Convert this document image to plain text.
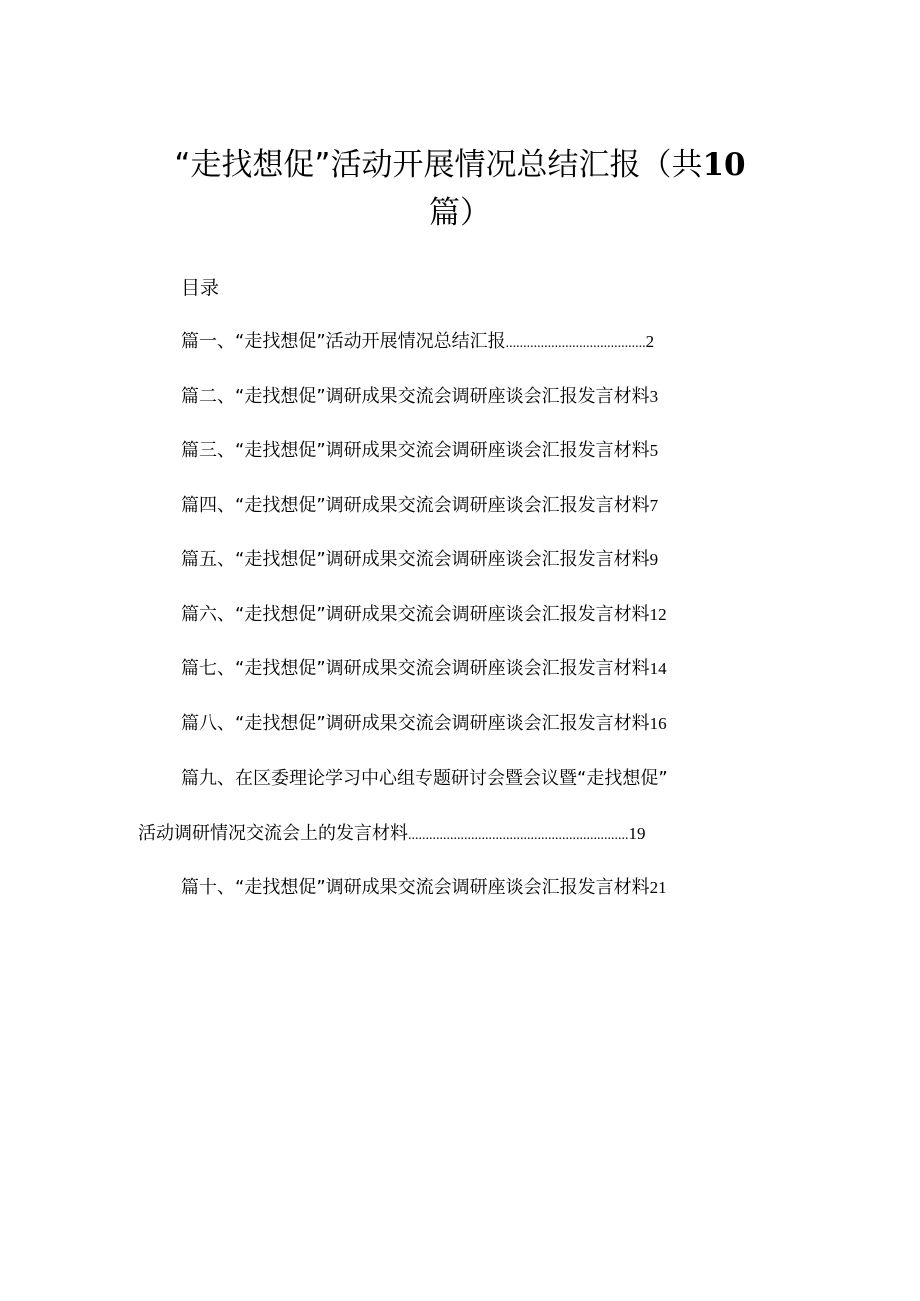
“走找想促”活动开展情况总结汇报（共10
篇）
目录
篇一、“走找想促”活动开展情况总结汇报 ........................................ 2
篇二、“走找想促”调研成果交流会调研座谈会汇报发言材料 3
篇三、“走找想促”调研成果交流会调研座谈会汇报发言材料 5
篇四、“走找想促”调研成果交流会调研座谈会汇报发言材料 7
篇五、“走找想促”调研成果交流会调研座谈会汇报发言材料 9
篇六、“走找想促”调研成果交流会调研座谈会汇报发言材料 12
篇七、“走找想促”调研成果交流会调研座谈会汇报发言材料 14
篇八、“走找想促”调研成果交流会调研座谈会汇报发言材料 16
篇九、在区委理论学习中心组专题研讨会暨会议暨“走找想促”
活动调研情况交流会上的发言材料 ............................................................... 19
篇十、“走找想促”调研成果交流会调研座谈会汇报发言材料 21
